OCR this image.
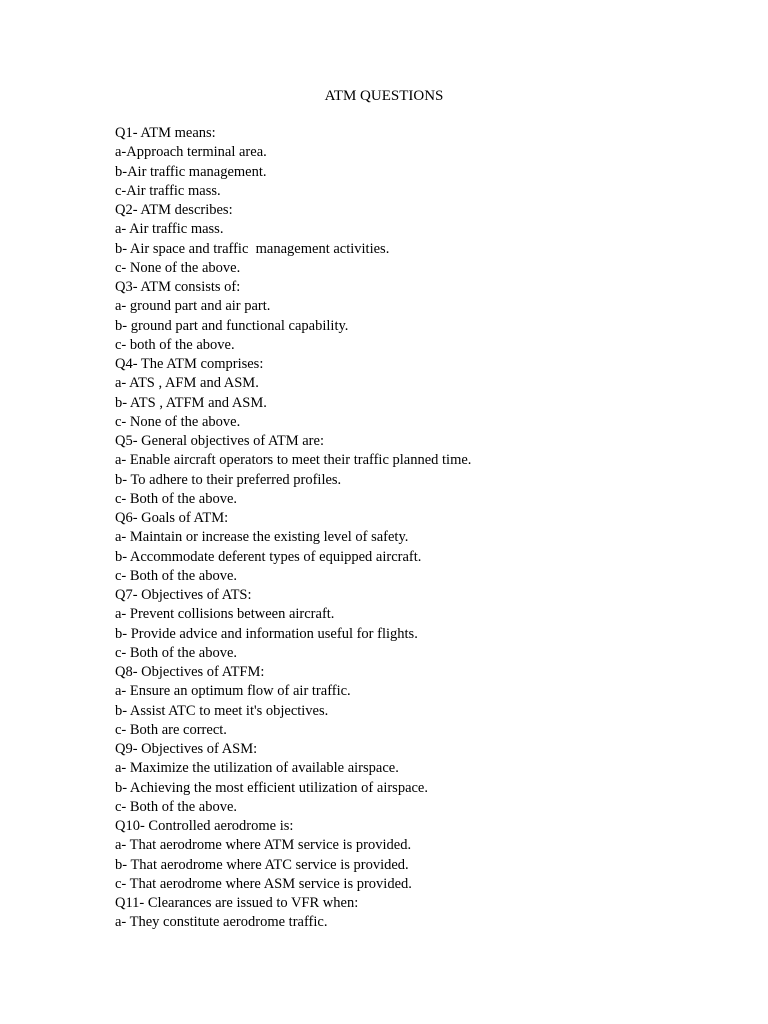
ATM QUESTIONS
Q1- ATM means:
a-Approach terminal area.
b-Air traffic management.
c-Air traffic mass.
Q2- ATM describes:
a- Air traffic mass.
b- Air space and traffic  management activities.
c- None of the above.
Q3- ATM consists of:
a- ground part and air part.
b- ground part and functional capability.
c- both of the above.
Q4- The ATM comprises:
a- ATS , AFM and ASM.
b- ATS , ATFM and ASM.
c- None of the above.
Q5- General objectives of ATM are:
a- Enable aircraft operators to meet their traffic planned time.
b- To adhere to their preferred profiles.
c- Both of the above.
Q6- Goals of ATM:
a- Maintain or increase the existing level of safety.
b- Accommodate deferent types of equipped aircraft.
c- Both of the above.
Q7- Objectives of ATS:
a- Prevent collisions between aircraft.
b- Provide advice and information useful for flights.
c- Both of the above.
Q8- Objectives of ATFM:
a- Ensure an optimum flow of air traffic.
b- Assist ATC to meet it's objectives.
c- Both are correct.
Q9- Objectives of ASM:
a- Maximize the utilization of available airspace.
b- Achieving the most efficient utilization of airspace.
c- Both of the above.
Q10- Controlled aerodrome is:
a- That aerodrome where ATM service is provided.
b- That aerodrome where ATC service is provided.
c- That aerodrome where ASM service is provided.
Q11- Clearances are issued to VFR when:
a- They constitute aerodrome traffic.
